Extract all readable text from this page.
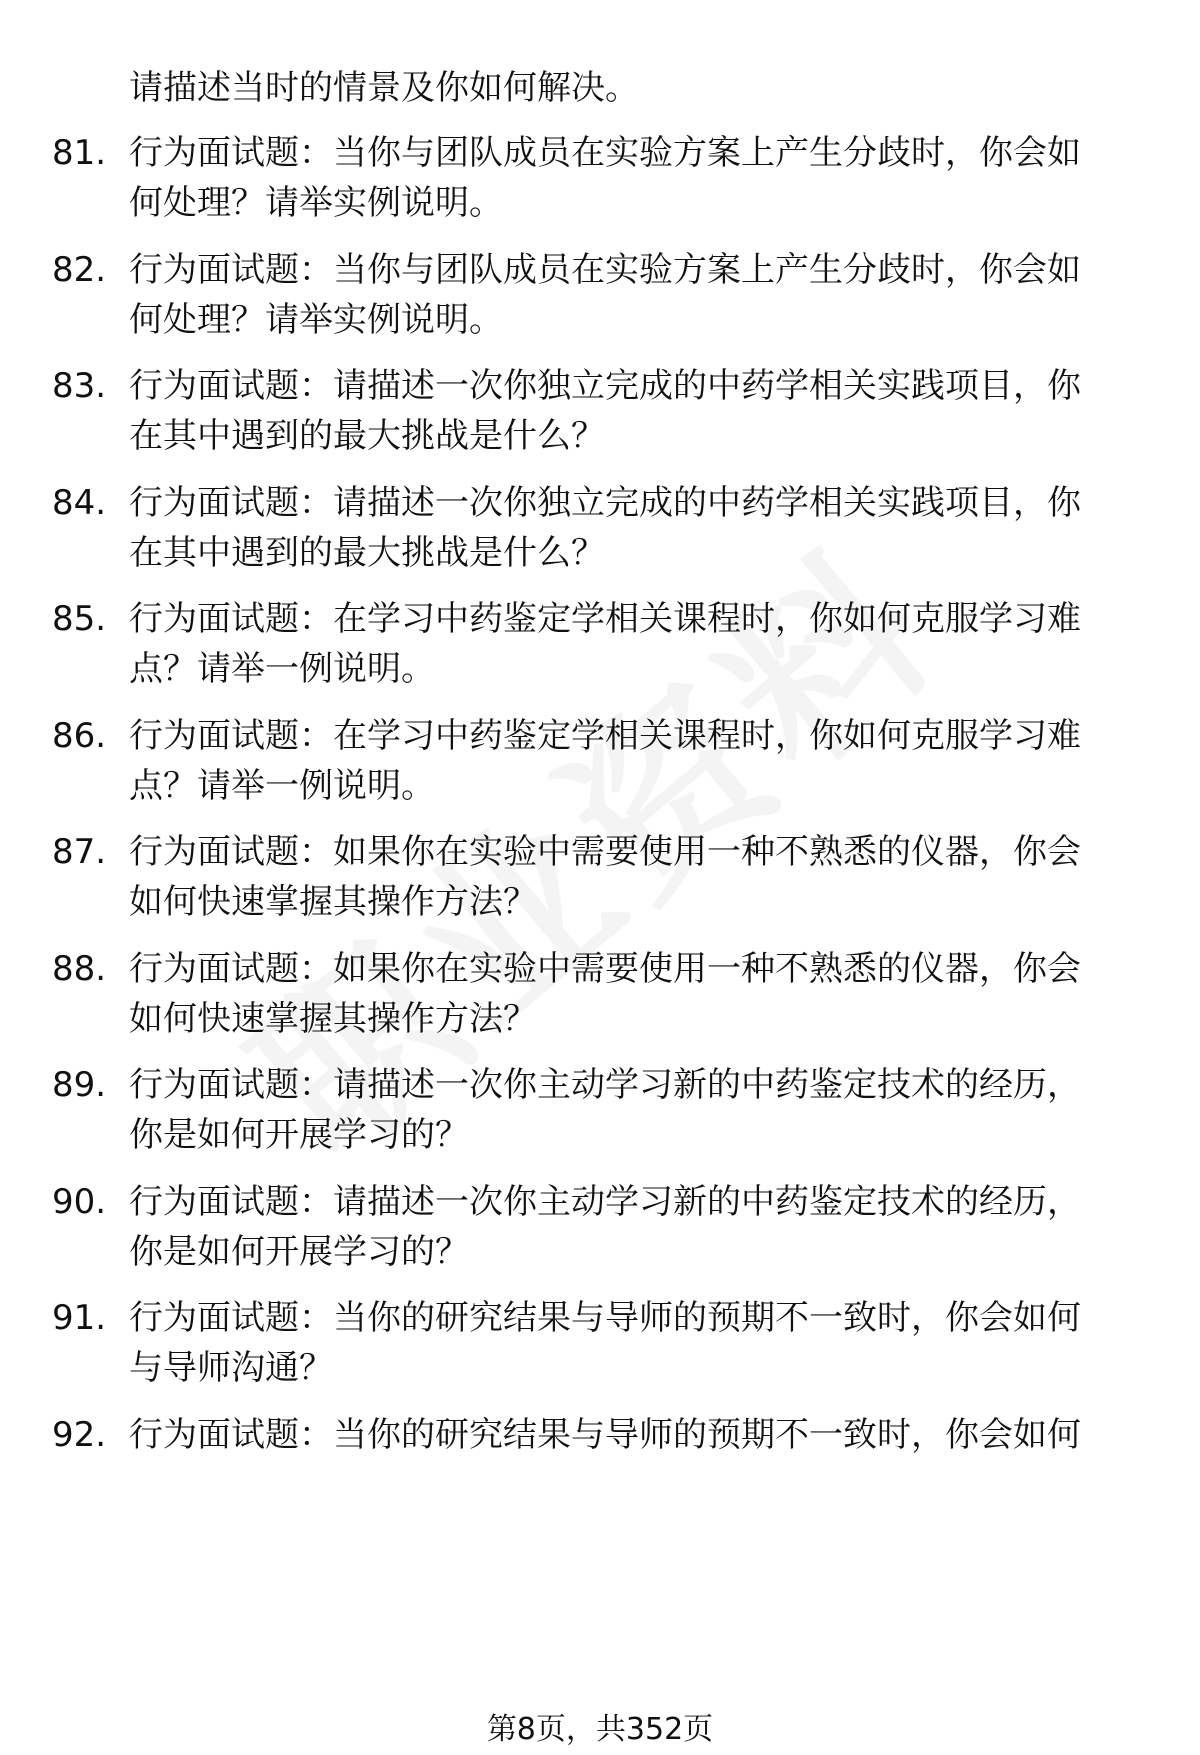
请描述当时的情景及你如何解决。
81. 行为面试题：当你与团队成员在实验方案上产生分歧时，你会如
何处理？请举实例说明。
82. 行为面试题：当你与团队成员在实验方案上产生分歧时，你会如
何处理？请举实例说明。
83. 行为面试题：请描述一次你独立完成的中药学相关实践项目，你
在其中遇到的最大挑战是什么？
84. 行为面试题：请描述一次你独立完成的中药学相关实践项目，你
在其中遇到的最大挑战是什么？
85. 行为面试题：在学习中药鉴定学相关课程时，你如何克服学习难
点？请举一例说明。
86. 行为面试题：在学习中药鉴定学相关课程时，你如何克服学习难
点？请举一例说明。
87. 行为面试题：如果你在实验中需要使用一种不熟悉的仪器，你会
如何快速掌握其操作方法？
88. 行为面试题：如果你在实验中需要使用一种不熟悉的仪器，你会
如何快速掌握其操作方法？
89. 行为面试题：请描述一次你主动学习新的中药鉴定技术的经历，
你是如何开展学习的？
90. 行为面试题：请描述一次你主动学习新的中药鉴定技术的经历，
你是如何开展学习的？
91. 行为面试题：当你的研究结果与导师的预期不一致时，你会如何
与导师沟通？
92. 行为面试题：当你的研究结果与导师的预期不一致时，你会如何
第8页，共352页
